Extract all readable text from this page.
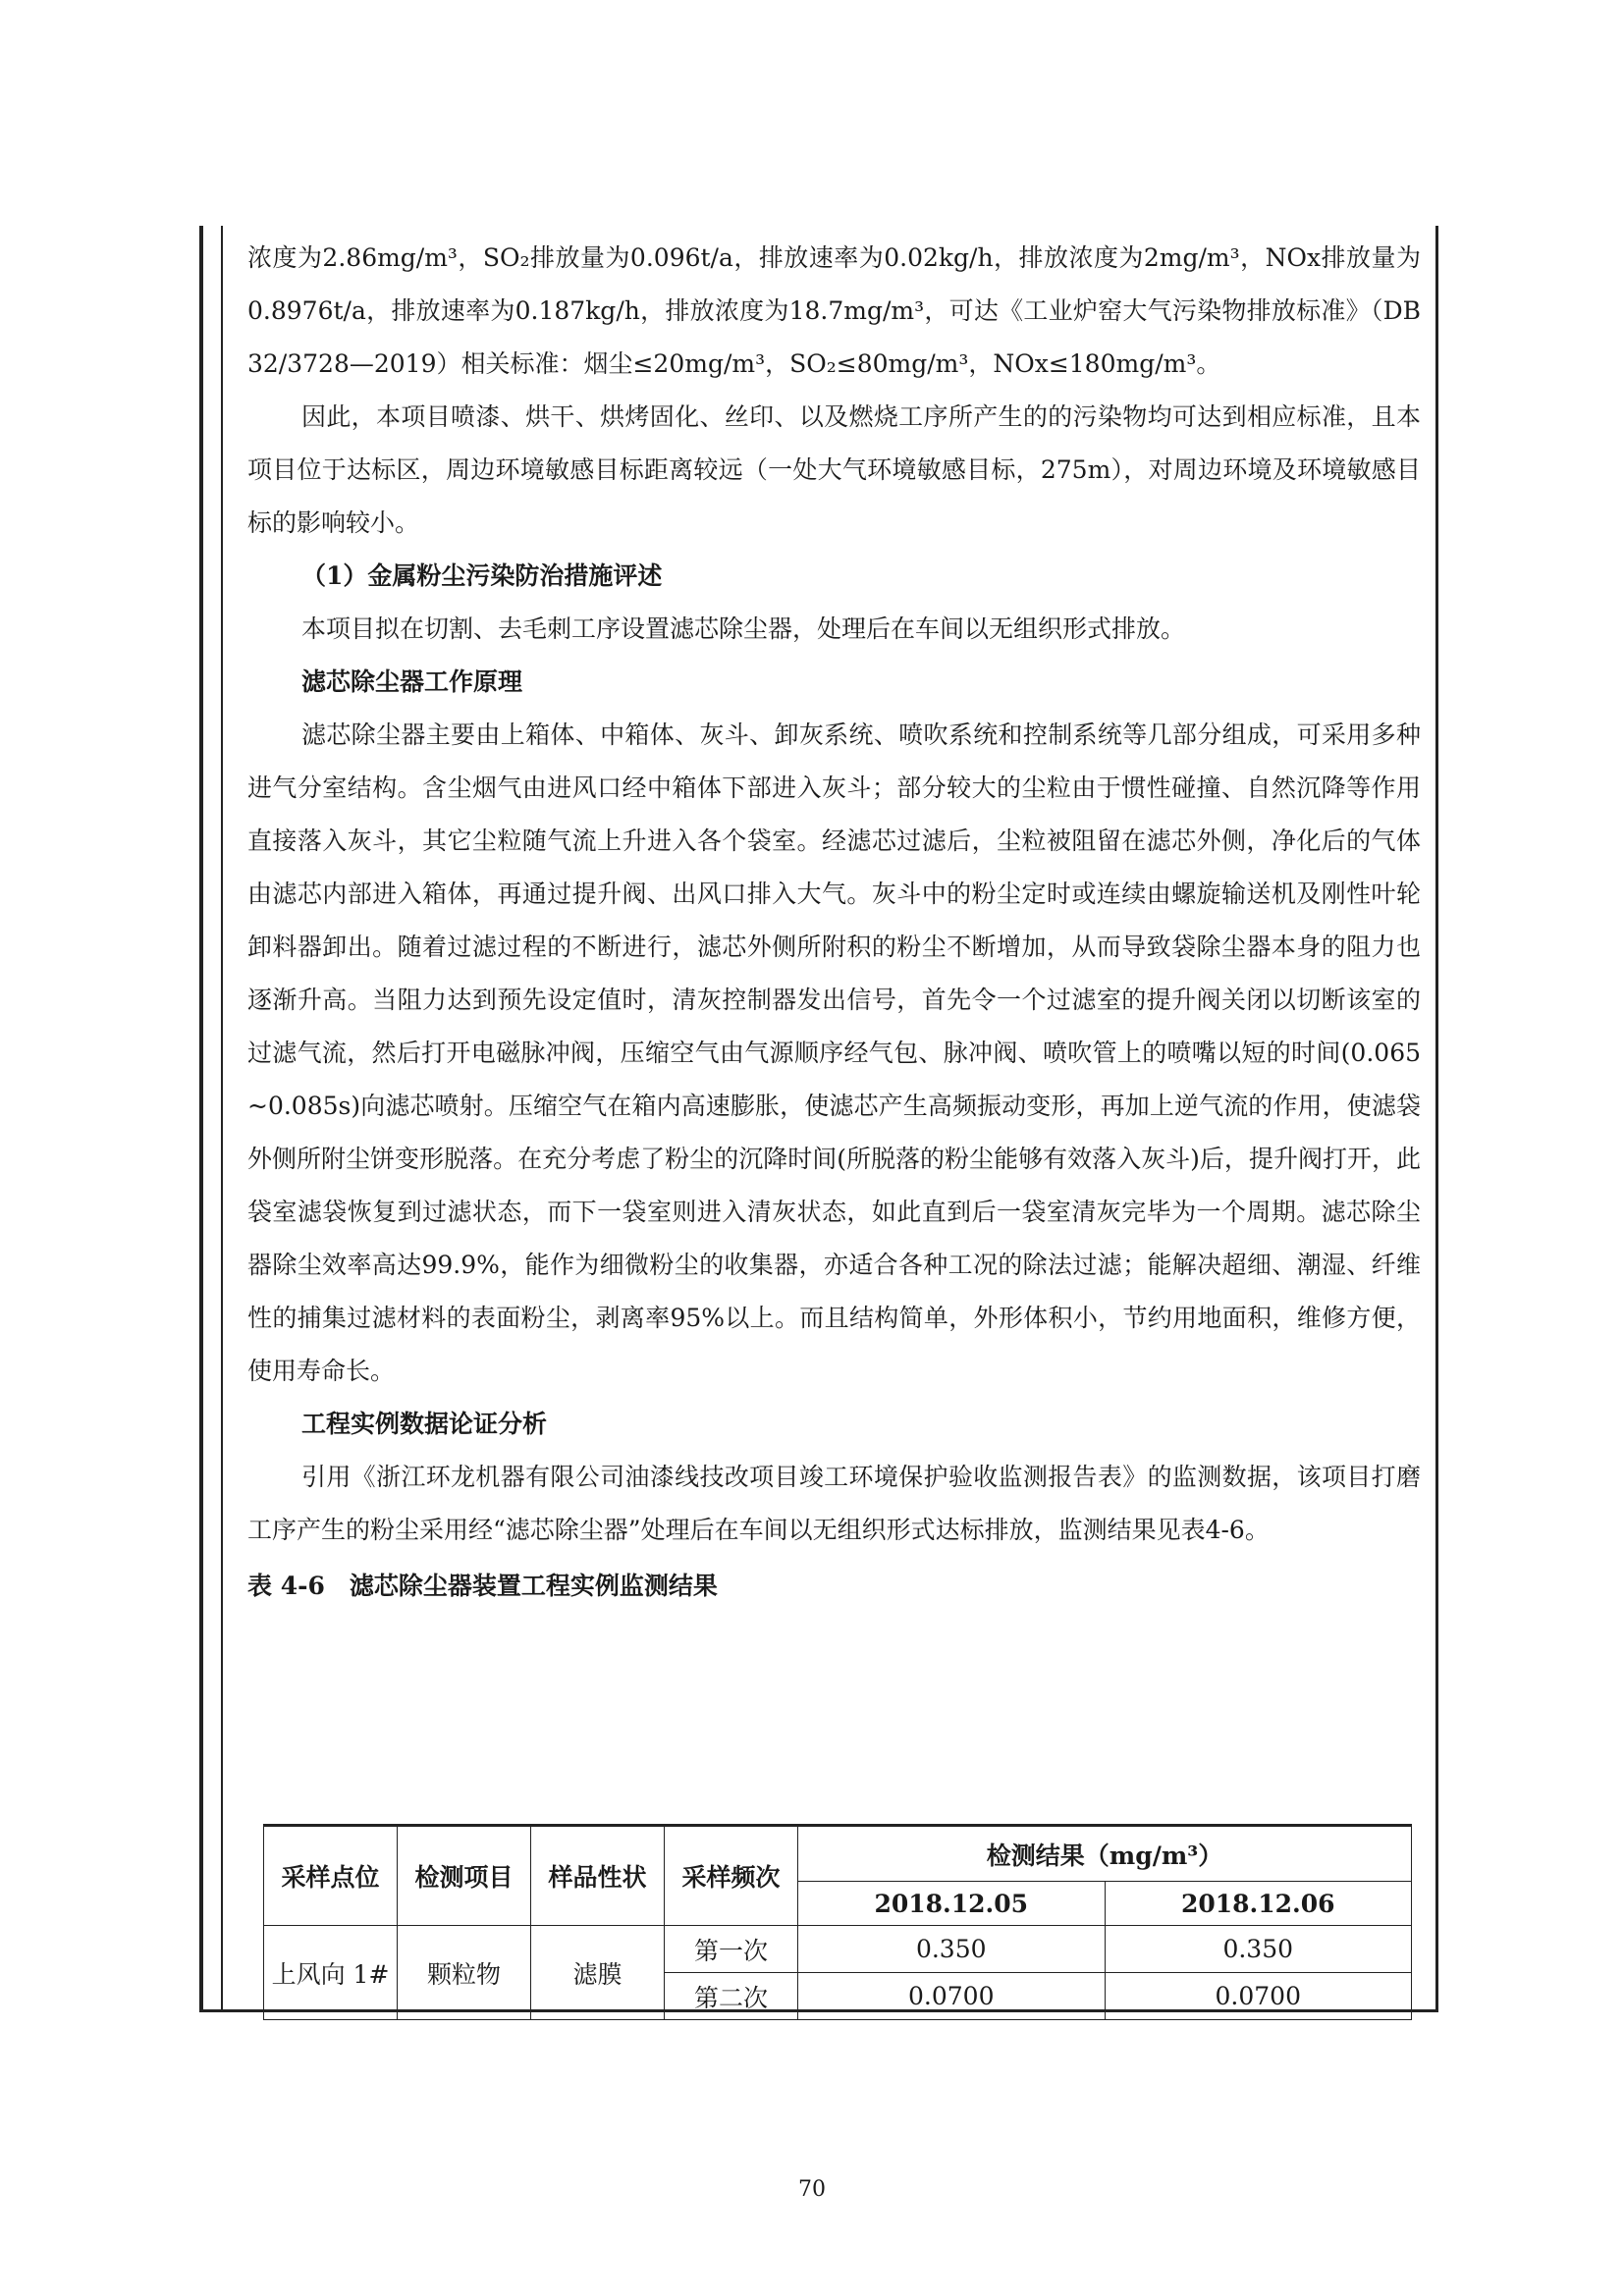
浓度为2.86mg/m³，SO₂排放量为0.096t/a，排放速率为0.02kg/h，排放浓度为2mg/m³，NOx排放量为0.8976t/a，排放速率为0.187kg/h，排放浓度为18.7mg/m³，可达《工业炉窑大气污染物排放标准》（DB 32/3728—2019）相关标准：烟尘≤20mg/m³，SO₂≤80mg/m³，NOx≤180mg/m³。

因此，本项目喷漆、烘干、烘烤固化、丝印、以及燃烧工序所产生的的污染物均可达到相应标准，且本项目位于达标区，周边环境敏感目标距离较远（一处大气环境敏感目标，275m），对周边环境及环境敏感目标的影响较小。

（1）金属粉尘污染防治措施评述

本项目拟在切割、去毛刺工序设置滤芯除尘器，处理后在车间以无组织形式排放。

滤芯除尘器工作原理

滤芯除尘器主要由上箱体、中箱体、灰斗、卸灰系统、喷吹系统和控制系统等几部分组成，可采用多种进气分室结构。含尘烟气由进风口经中箱体下部进入灰斗；部分较大的尘粒由于惯性碰撞、自然沉降等作用直接落入灰斗，其它尘粒随气流上升进入各个袋室。经滤芯过滤后，尘粒被阻留在滤芯外侧，净化后的气体由滤芯内部进入箱体，再通过提升阀、出风口排入大气。灰斗中的粉尘定时或连续由螺旋输送机及刚性叶轮卸料器卸出。随着过滤过程的不断进行，滤芯外侧所附积的粉尘不断增加，从而导致袋除尘器本身的阻力也逐渐升高。当阻力达到预先设定值时，清灰控制器发出信号，首先令一个过滤室的提升阀关闭以切断该室的过滤气流，然后打开电磁脉冲阀，压缩空气由气源顺序经气包、脉冲阀、喷吹管上的喷嘴以短的时间(0.065~0.085s)向滤芯喷射。压缩空气在箱内高速膨胀，使滤芯产生高频振动变形，再加上逆气流的作用，使滤袋外侧所附尘饼变形脱落。在充分考虑了粉尘的沉降时间(所脱落的粉尘能够有效落入灰斗)后，提升阀打开，此袋室滤袋恢复到过滤状态，而下一袋室则进入清灰状态，如此直到后一袋室清灰完毕为一个周期。滤芯除尘器除尘效率高达99.9%，能作为细微粉尘的收集器，亦适合各种工况的除法过滤；能解决超细、潮湿、纤维性的捕集过滤材料的表面粉尘，剥离率95%以上。而且结构简单，外形体积小，节约用地面积，维修方便，使用寿命长。

工程实例数据论证分析

引用《浙江环龙机器有限公司油漆线技改项目竣工环境保护验收监测报告表》的监测数据，该项目打磨工序产生的粉尘采用经“滤芯除尘器”处理后在车间以无组织形式达标排放，监测结果见表4-6。

表 4-6　滤芯除尘器装置工程实例监测结果

采样点位	检测项目	样品性状	采样频次	检测结果（mg/m³）	
				2018.12.05	2018.12.06
上风向 1#	颗粒物	滤膜	第一次	0.350	0.350
			第二次	0.0700	0.0700
70
